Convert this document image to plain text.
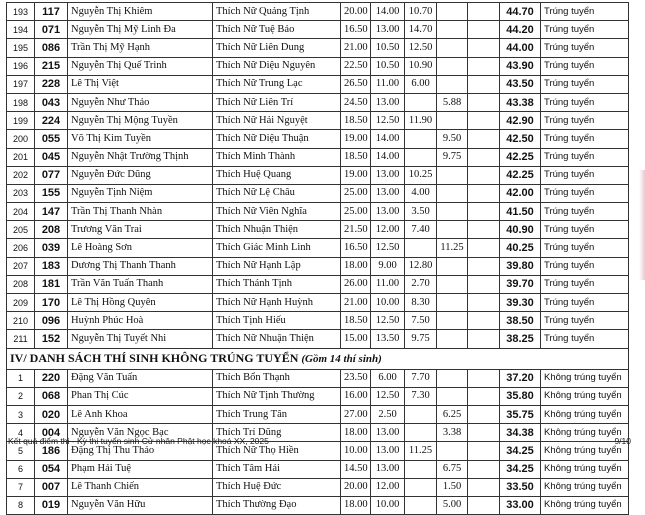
193	117	Nguyễn Thị Khiêm	Thích Nữ Quảng Tịnh	20.00	14.00	10.70			44.70	Trúng tuyển
194	071	Nguyễn Thị Mỹ Linh Đa	Thích Nữ Tuệ Bảo	16.50	13.00	14.70			44.20	Trúng tuyển
195	086	Trần Thị Mỹ Hạnh	Thích Nữ Liên Dung	21.00	10.50	12.50			44.00	Trúng tuyển
196	215	Nguyễn Thị Quế Trinh	Thích Nữ Diệu Nguyên	22.50	10.50	10.90			43.90	Trúng tuyển
197	228	Lê Thị Việt	Thích Nữ Trung Lạc	26.50	11.00	6.00			43.50	Trúng tuyển
198	043	Nguyễn Như Thảo	Thích Nữ Liên Trí	24.50	13.00		5.88		43.38	Trúng tuyển
199	224	Nguyễn Thị Mộng Tuyền	Thích Nữ Hải Nguyệt	18.50	12.50	11.90			42.90	Trúng tuyển
200	055	Võ Thị Kim Tuyền	Thích Nữ Diệu Thuận	19.00	14.00		9.50		42.50	Trúng tuyển
201	045	Nguyễn Nhật Trường Thịnh	Thích Minh Thành	18.50	14.00		9.75		42.25	Trúng tuyển
202	077	Nguyễn Đức Dũng	Thích Huệ Quang	19.00	13.00	10.25			42.25	Trúng tuyển
203	155	Nguyễn Tịnh Niệm	Thích Nữ Lệ Châu	25.00	13.00	4.00			42.00	Trúng tuyển
204	147	Trần Thị Thanh Nhàn	Thích Nữ Viên Nghĩa	25.00	13.00	3.50			41.50	Trúng tuyển
205	208	Trương Văn Trai	Thích Nhuận Thiện	21.50	12.00	7.40			40.90	Trúng tuyển
206	039	Lê Hoàng Sơn	Thích Giác Minh Linh	16.50	12.50		11.25		40.25	Trúng tuyển
207	183	Dương Thị Thanh Thanh	Thích Nữ Hạnh Lập	18.00	9.00	12.80			39.80	Trúng tuyển
208	181	Trần Văn Tuấn Thanh	Thích Thánh Tịnh	26.00	11.00	2.70			39.70	Trúng tuyển
209	170	Lê Thị Hồng Quyên	Thích Nữ Hạnh Huỳnh	21.00	10.00	8.30			39.30	Trúng tuyển
210	096	Huỳnh Phúc Hoà	Thích Tịnh Hiếu	18.50	12.50	7.50			38.50	Trúng tuyển
211	152	Nguyễn Thị Tuyết Nhi	Thích Nữ Nhuận Thiện	15.00	13.50	9.75			38.25	Trúng tuyển
IV/ DANH SÁCH THÍ SINH KHÔNG TRÚNG TUYỂN (Gồm 14 thí sinh)										
1	220	Đặng Văn Tuấn	Thích Bổn Thạnh	23.50	6.00	7.70			37.20	Không trúng tuyển
2	068	Phan Thị Cúc	Thích Nữ Tịnh Thường	16.00	12.50	7.30			35.80	Không trúng tuyển
3	020	Lê Anh Khoa	Thích Trung Tân	27.00	2.50		6.25		35.75	Không trúng tuyển
4	004	Nguyễn Văn Ngọc Bạc	Thích Trí Dũng	18.00	13.00		3.38		34.38	Không trúng tuyển
5	186	Đặng Thị Thu Thảo	Thích Nữ Thọ Hiền	10.00	13.00	11.25			34.25	Không trúng tuyển
6	054	Phạm Hải Tuệ	Thích Tâm Hải	14.50	13.00		6.75		34.25	Không trúng tuyển
7	007	Lê Thanh Chiến	Thích Huệ Đức	20.00	12.00		1.50		33.50	Không trúng tuyển
8	019	Nguyễn Văn Hữu	Thích Thường Đạo	18.00	10.00		5.00		33.00	Không trúng tuyển
Kết quả điểm thi - Kỳ thi tuyển sinh Cử nhân Phật học khoá XX, 2025	9/10
